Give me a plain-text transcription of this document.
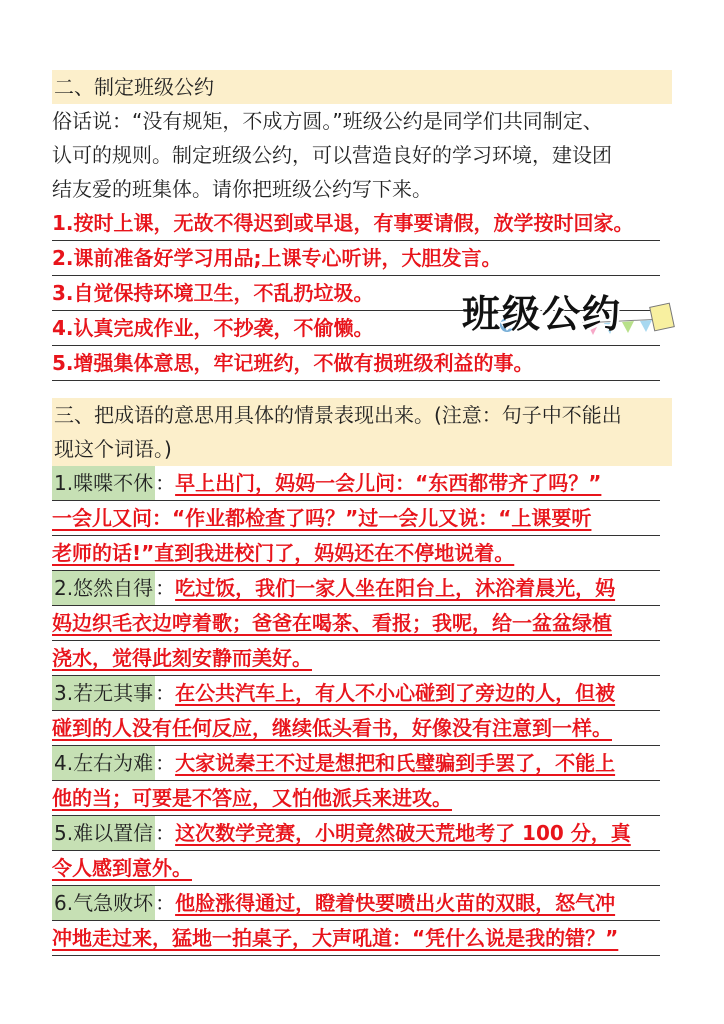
二、制定班级公约
俗话说：“没有规矩，不成方圆。”班级公约是同学们共同制定、
认可的规则。制定班级公约，可以营造良好的学习环境，建设团
结友爱的班集体。请你把班级公约写下来。
1.按时上课，无故不得迟到或早退，有事要请假，放学按时回家。
2.课前准备好学习用品;上课专心听讲，大胆发言。
3.自觉保持环境卫生，不乱扔垃圾。
4.认真完成作业，不抄袭，不偷懒。
5.增强集体意思，牢记班约，不做有损班级利益的事。
班级公约
三、把成语的意思用具体的情景表现出来。(注意：句子中不能出
现这个词语。)
1.喋喋不休 ：早上出门，妈妈一会儿问：“东西都带齐了吗？”
一会儿又问：“作业都检查了吗？”过一会儿又说：“上课要听
老师的话!”直到我进校门了，妈妈还在不停地说着。
2.悠然自得 ：吃过饭，我们一家人坐在阳台上，沐浴着晨光，妈
妈边织毛衣边哼着歌；爸爸在喝茶、看报；我呢，给一盆盆绿植
浇水，觉得此刻安静而美好。
3.若无其事 ：在公共汽车上，有人不小心碰到了旁边的人，但被
碰到的人没有任何反应，继续低头看书，好像没有注意到一样。
4.左右为难 ：大家说秦王不过是想把和氏璧骗到手罢了，不能上
他的当；可要是不答应，又怕他派兵来进攻。
5.难以置信 ：这次数学竞赛，小明竟然破天荒地考了 100 分，真
令人感到意外。
6.气急败坏 ：他脸涨得通过，瞪着快要喷出火苗的双眼，怒气冲
冲地走过来，猛地一拍桌子，大声吼道：“凭什么说是我的错？”
